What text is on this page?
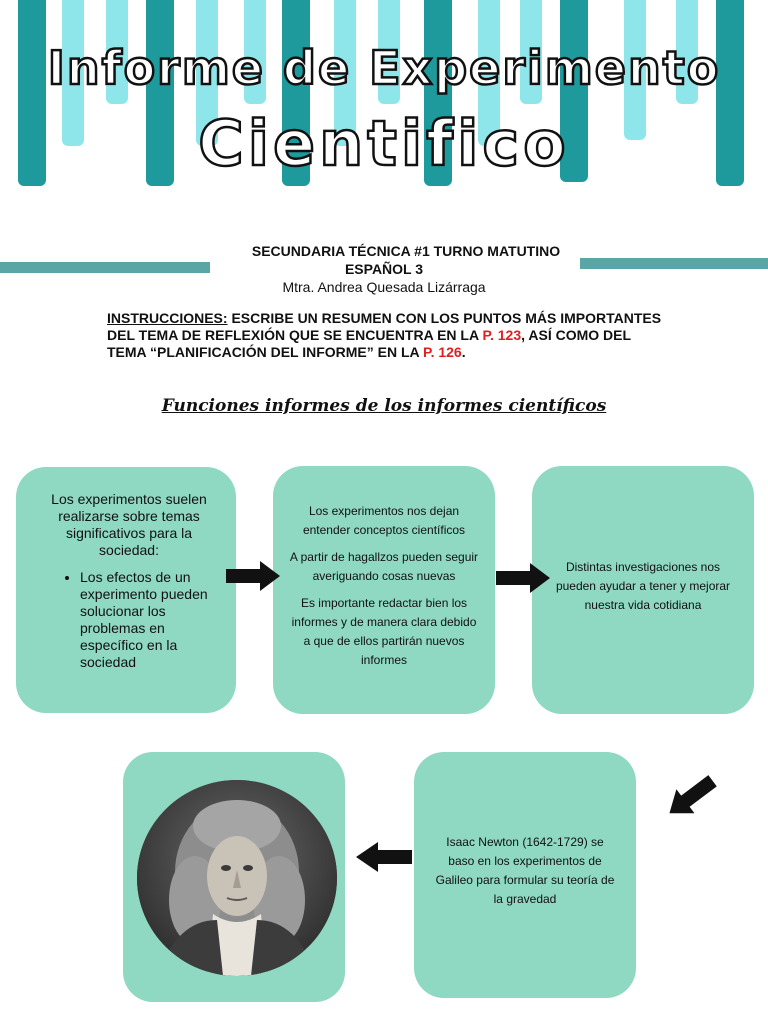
Informe de Experimento
Cientifico
SECUNDARIA TÉCNICA #1 TURNO MATUTINO
ESPAÑOL 3
Mtra. Andrea Quesada Lizárraga
INSTRUCCIONES: ESCRIBE UN RESUMEN CON LOS PUNTOS MÁS IMPORTANTES DEL TEMA DE REFLEXIÓN QUE SE ENCUENTRA EN LA P. 123, ASÍ COMO DEL TEMA “PLANIFICACIÓN DEL INFORME” EN LA P. 126.
Funciones informes de los informes científicos

Los experimentos suelen realizarse sobre temas significativos para la sociedad:

• Los efectos de un experimento pueden solucionar los problemas en específico en la sociedad

Los experimentos nos dejan entender conceptos científicos

A partir de hagallzos pueden seguir averiguando cosas nuevas

Es importante redactar bien los informes y de manera clara debido a que de ellos partirán nuevos informes

Distintas investigaciones nos pueden ayudar a tener y mejorar nuestra vida cotidiana

Isaac Newton (1642-1729) se baso en los experimentos de Galileo para formular su teoría de la gravedad
